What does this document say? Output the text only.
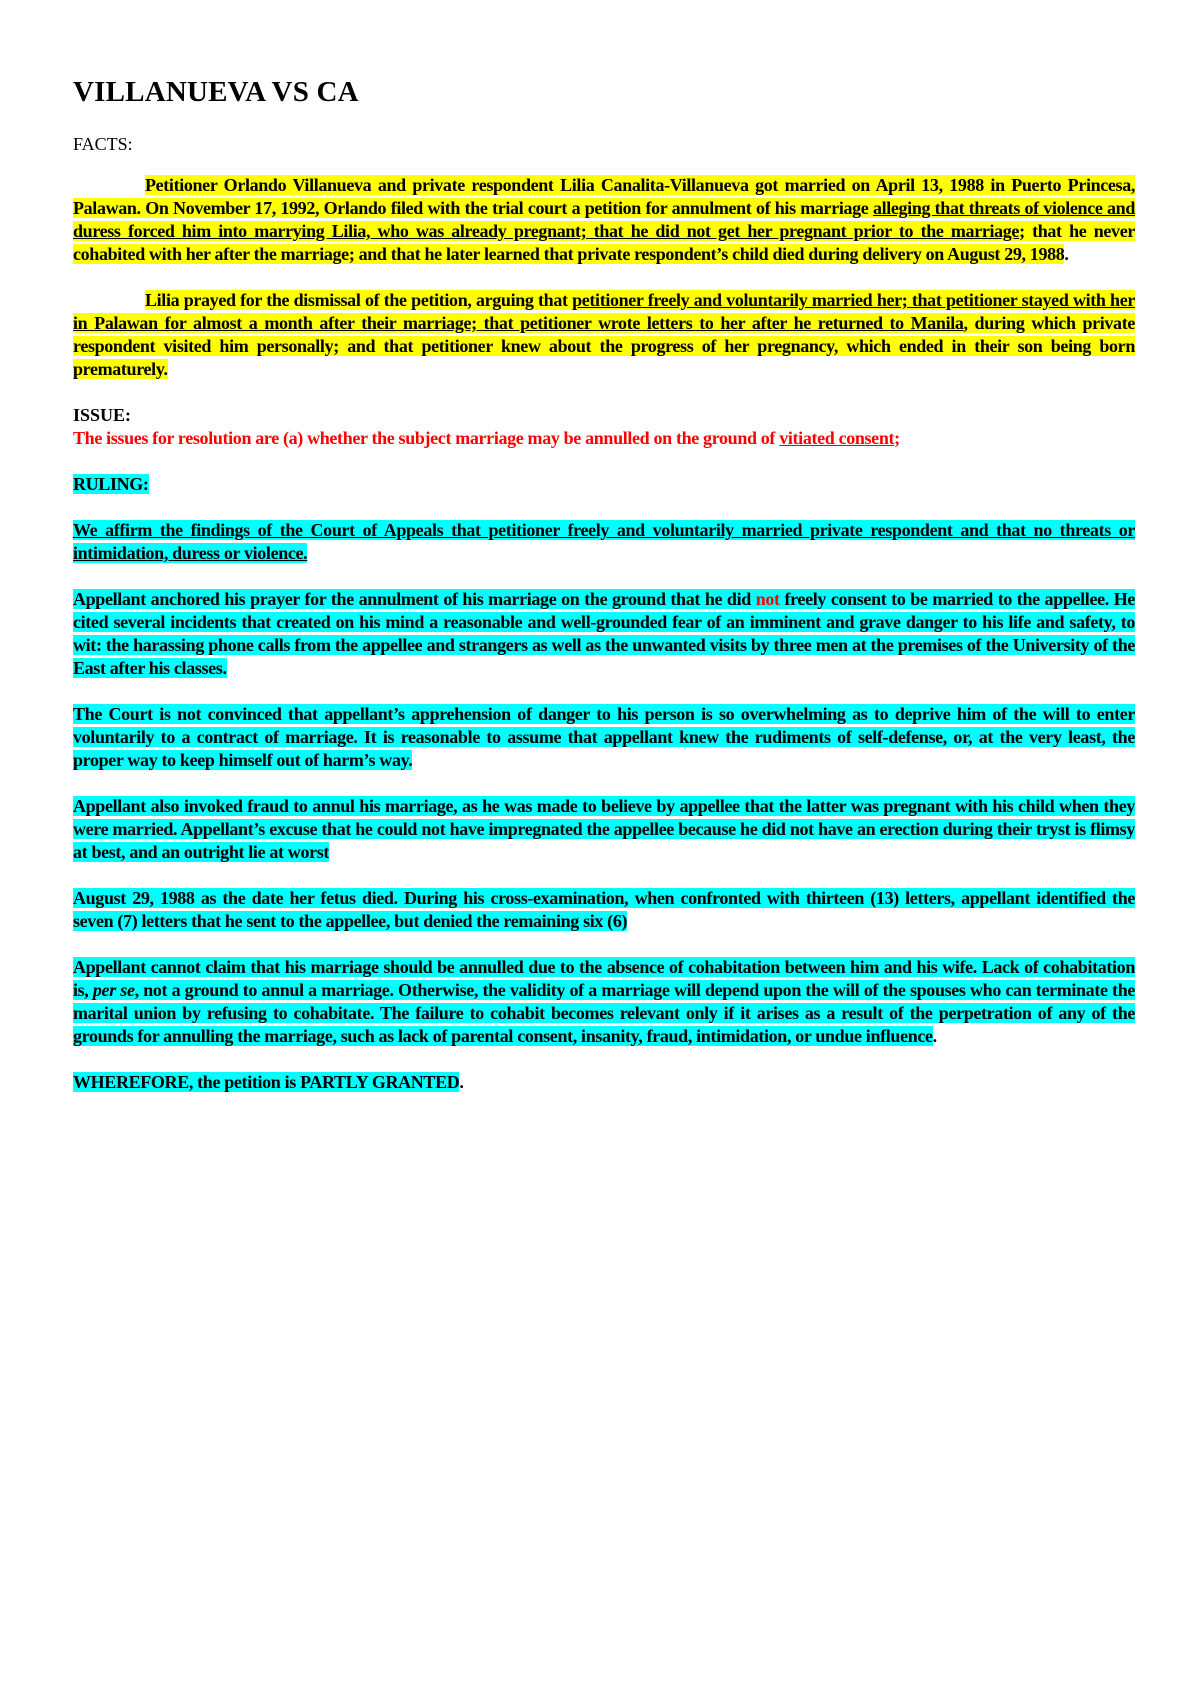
VILLANUEVA VS CA
FACTS:

Petitioner Orlando Villanueva and private respondent Lilia Canalita-Villanueva got married on April 13, 1988 in Puerto Princesa, Palawan. On November 17, 1992, Orlando filed with the trial court a petition for annulment of his marriage alleging that threats of violence and duress forced him into marrying Lilia, who was already pregnant; that he did not get her pregnant prior to the marriage; that he never cohabited with her after the marriage; and that he later learned that private respondent’s child died during delivery on August 29, 1988.

Lilia prayed for the dismissal of the petition, arguing that petitioner freely and voluntarily married her; that petitioner stayed with her in Palawan for almost a month after their marriage; that petitioner wrote letters to her after he returned to Manila, during which private respondent visited him personally; and that petitioner knew about the progress of her pregnancy, which ended in their son being born prematurely.

ISSUE:

The issues for resolution are (a) whether the subject marriage may be annulled on the ground of vitiated consent;

RULING:

We affirm the findings of the Court of Appeals that petitioner freely and voluntarily married private respondent and that no threats or intimidation, duress or violence.

Appellant anchored his prayer for the annulment of his marriage on the ground that he did not freely consent to be married to the appellee. He cited several incidents that created on his mind a reasonable and well-grounded fear of an imminent and grave danger to his life and safety, to wit: the harassing phone calls from the appellee and strangers as well as the unwanted visits by three men at the premises of the University of the East after his classes.

The Court is not convinced that appellant’s apprehension of danger to his person is so overwhelming as to deprive him of the will to enter voluntarily to a contract of marriage. It is reasonable to assume that appellant knew the rudiments of self-defense, or, at the very least, the proper way to keep himself out of harm’s way.

Appellant also invoked fraud to annul his marriage, as he was made to believe by appellee that the latter was pregnant with his child when they were married. Appellant’s excuse that he could not have impregnated the appellee because he did not have an erection during their tryst is flimsy at best, and an outright lie at worst

August 29, 1988 as the date her fetus died. During his cross-examination, when confronted with thirteen (13) letters, appellant identified the seven (7) letters that he sent to the appellee, but denied the remaining six (6)

Appellant cannot claim that his marriage should be annulled due to the absence of cohabitation between him and his wife. Lack of cohabitation is, per se, not a ground to annul a marriage. Otherwise, the validity of a marriage will depend upon the will of the spouses who can terminate the marital union by refusing to cohabitate. The failure to cohabit becomes relevant only if it arises as a result of the perpetration of any of the grounds for annulling the marriage, such as lack of parental consent, insanity, fraud, intimidation, or undue influence.

WHEREFORE, the petition is PARTLY GRANTED.
